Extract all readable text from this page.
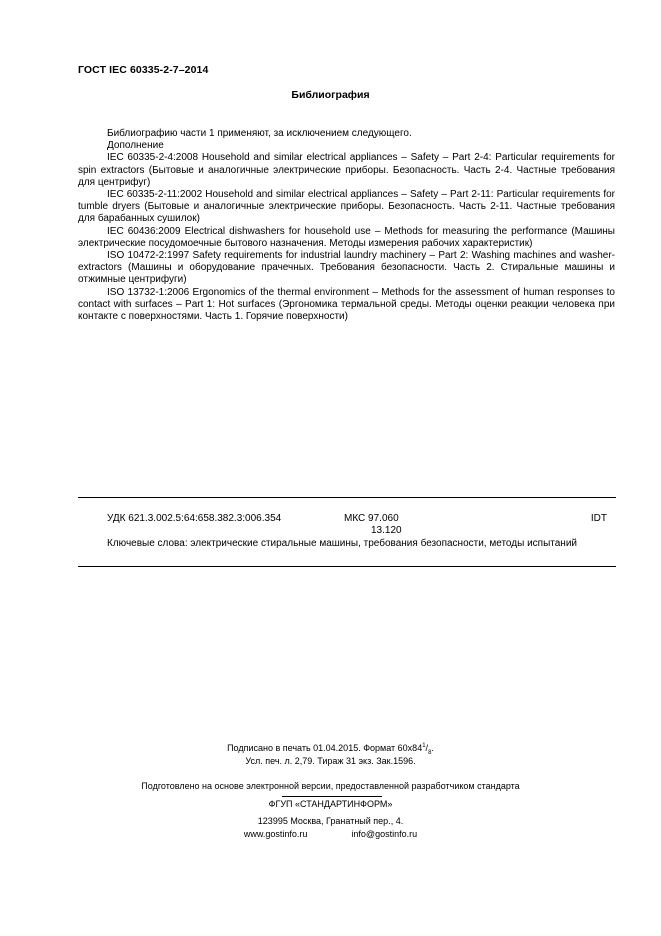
ГОСТ IEC 60335-2-7–2014
Библиография

Библиографию части 1 применяют, за исключением следующего.

Дополнение

IEC 60335-2-4:2008 Household and similar electrical appliances – Safety – Part 2-4: Particular requirements for spin extractors (Бытовые и аналогичные электрические приборы. Безопасность. Часть 2-4. Частные требования для центрифуг)

IEC 60335-2-11:2002 Household and similar electrical appliances – Safety – Part 2-11: Particular requirements for tumble dryers (Бытовые и аналогичные электрические приборы. Безопасность. Часть 2-11. Частные требования для барабанных сушилок)

IEC 60436:2009 Electrical dishwashers for household use – Methods for measuring the performance (Машины электрические посудомоечные бытового назначения. Методы измерения рабочих характеристик)

ISO 10472-2:1997 Safety requirements for industrial laundry machinery – Part 2: Washing machines and washer-extractors (Машины и оборудование прачечных. Требования безопасности. Часть 2. Стиральные машины и отжимные центрифуги)

ISO 13732-1:2006 Ergonomics of the thermal environment – Methods for the assessment of human responses to contact with surfaces – Part 1: Hot surfaces (Эргономика термальной среды. Методы оценки реакции человека при контакте с поверхностями. Часть 1. Горячие поверхности)

УДК 621.3.002.5:64:658.382.3:006.354	МКС 97.060
13.120
IDT

Ключевые слова: электрические стиральные машины, требования безопасности, методы испытаний

Подписано в печать 01.04.2015. Формат $60х84^1/_8$.
Усл. печ. л. 2,79. Тираж 31 экз. Зак.1596.
Подготовлено на основе электронной версии, предоставленной разработчиком стандарта
ФГУП «СТАНДАРТИНФОРМ»
123995 Москва, Гранатный пер., 4.
www.gostinfo.ru	info@gostinfo.ru
